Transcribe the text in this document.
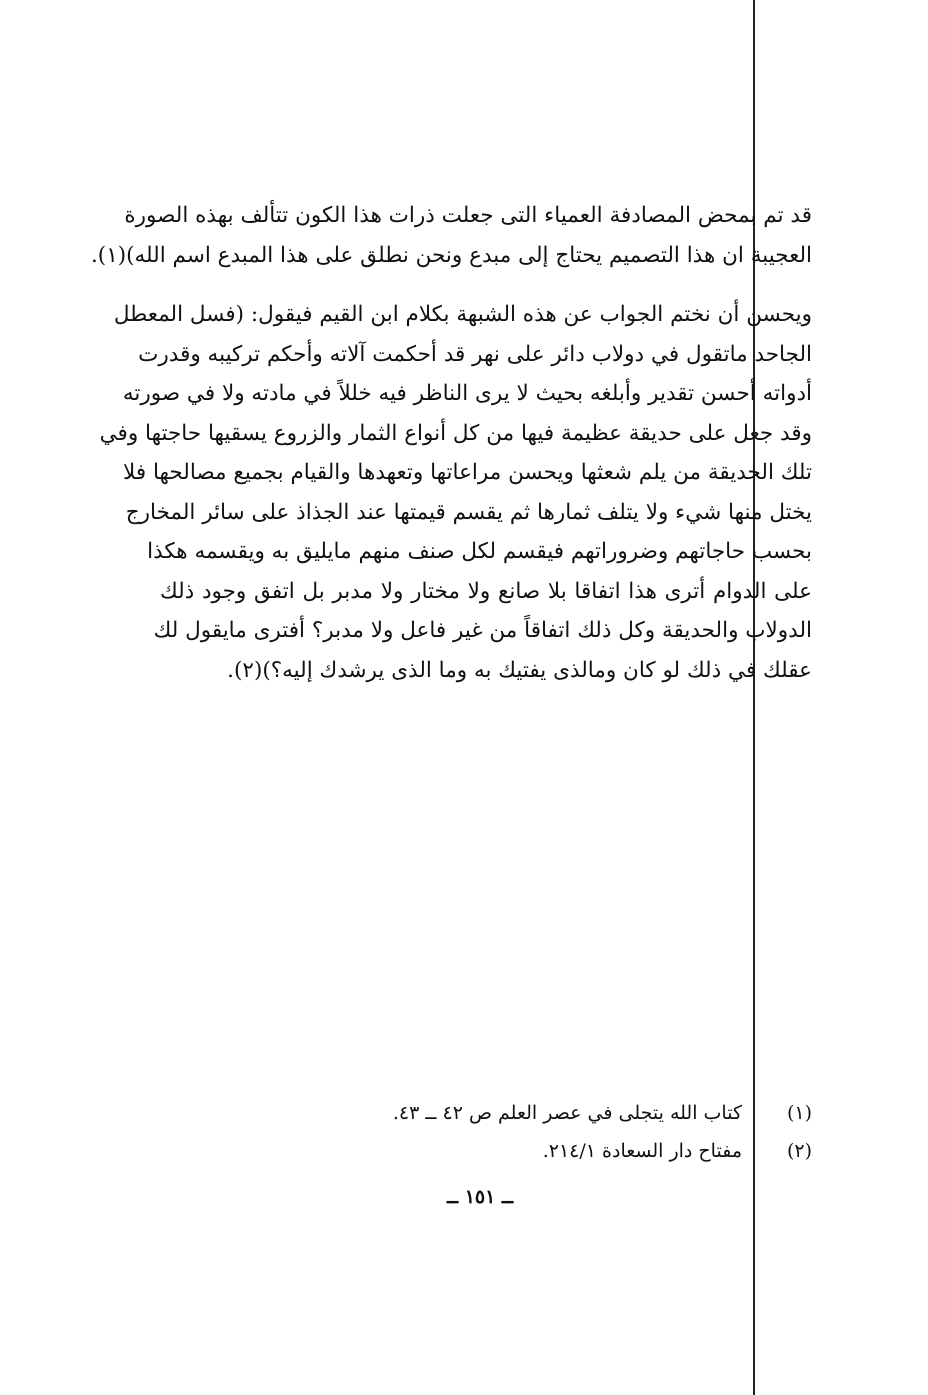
قد تم بمحض المصادفة العمياء التى جعلت ذرات هذا الكون تتألف بهذه الصورة
العجيبة ان هذا التصميم يحتاج إلى مبدع ونحن نطلق على هذا المبدع اسم الله)(١).

ويحسن أن نختم الجواب عن هذه الشبهة بكلام ابن القيم فيقول: (فسل المعطل
الجاحد ماتقول في دولاب دائر على نهر قد أحكمت آلاته وأحكم تركيبه وقدرت
أدواته أحسن تقدير وأبلغه بحيث لا يرى الناظر فيه خللاً في مادته ولا في صورته
وقد جعل على حديقة عظيمة فيها من كل أنواع الثمار والزروع يسقيها حاجتها وفي
تلك الحديقة من يلم شعثها ويحسن مراعاتها وتعهدها والقيام بجميع مصالحها فلا
يختل منها شيء ولا يتلف ثمارها ثم يقسم قيمتها عند الجذاذ على سائر المخارج
بحسب حاجاتهم وضروراتهم فيقسم لكل صنف منهم مايليق به ويقسمه هكذا
على الدوام أترى هذا اتفاقا بلا صانع ولا مختار ولا مدبر بل اتفق وجود ذلك
الدولاب والحديقة وكل ذلك اتفاقاً من غير فاعل ولا مدبر؟ أفترى مايقول لك
عقلك في ذلك لو كان ومالذى يفتيك به وما الذى يرشدك إليه؟)(٢).

(١)
كتاب الله يتجلى في عصر العلم ص ٤٢ ــ ٤٣.
(٢)
مفتاح دار السعادة ٢١٤/١.
ــ ١٥١ ــ
